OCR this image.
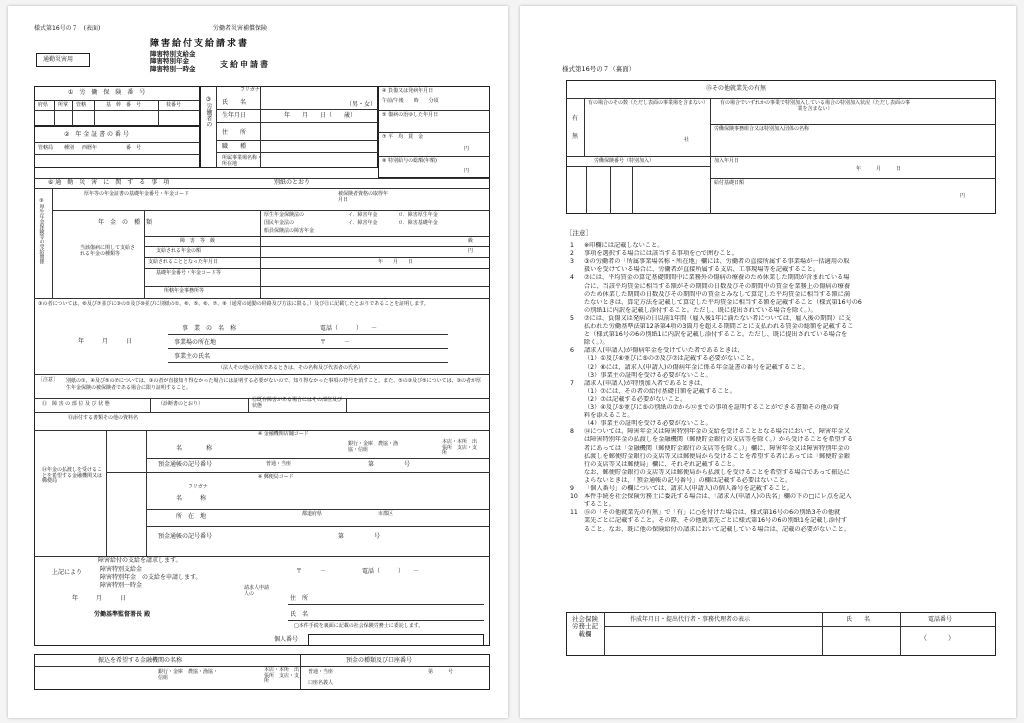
様式第16号の７　(表面)
通勤災害用
労働者災害補償保険
障害給付支給請求書
障害特別支給金
障害特別年金
障害特別一時金	支給申請書
①　労　働　保　険　番　号
府県 所掌 管轄	基　幹　番　号	枝番号
②　年 金 証 書 の 番 号
管轄局 種別 西暦年	番　号
③労働者の
フリガナ
氏　　名	（男・女）
生年月日	年　　月　　日（　　歳）
住　　所
職　　種
所属事業場名称・所在地
④ 負傷又は発病年月日
午前/午後　　時　　分頃
⑤ 傷病の治ゆした年月日
⑦ 平　均　賃　金
円
⑧ 特別給与の総額(年額)
円
⑥ 通　勤　災　害　に　関　す　る　事　項	別紙のとおり
⑨厚生年金保険等の受給関係
厚年等の年金証書の基礎年金番号・年金コード	被保険者資格の取得年月日
年　金　の　種　類
厚生年金保険法の	イ．障害年金	ロ．障害厚生年金
国民年金法の	イ．障害年金	ロ．障害基礎年金
船員保険法の障害年金
当該傷病に関して支給される年金の種類等
障　害　等　級	級
支給される年金の額	円
支給されることとなった年月日	年　　月　　日
基礎年金番号・年金コード等
所轄年金事務所等
③の者については、⑥及び⑦並びに③の①及び⑩並びに別紙の①、⑥、⑤、⑥、⑦、⑧（通常の通勤の経路及び方法に限る。）及び⑫に記載したとおりであることを証明します。
年　　　月　　　日
事　業　の　名　称	電話（　　　）　　－
事業場の所在地	〒　　　－
事業主の氏名
（法人その他の団体であるときは、その名称及び代表者の氏名）
［注意］ 別紙の①、④及び⑤の⑦については、③の者が直接知り得なかった場合には証明する必要がないので、知り得なかった事項の符号を消すこと。また、⑤の③及び⑤については、③の者が厚生年金保険の被保険者である場合に限り証明すること。
⑪　障 害 の 部 位 及 び 状 態	（診断書のとおり）
⑫既存障害がある場合にはその部位及び状態
⑬添付する書類その他の資料名
⑭年金の払渡しを受けることを希望する金融機関又は郵便局
※ 金融機関店舗コード
名　　　　称
銀行・金庫　農協・漁協・信組
本店・本所　出張所　支店・支所
預金通帳の記号番号	普通・当座	第　　　　　号
※ 郵便局コード
フリガナ
名　　　称
所　在　地	都道府県	市郡区
預金通帳の記号番号	第　　　　　号
障害給付の支給を請求します。
上記により	障害特別支給金
障害特別年金　の支給を申請します。
障害特別一時金
〒　　　－	電話（　　　）　　－
年　　　月　　　日
請求人申請人の
住　所
労働基準監督署長 殿	氏　名
□本件手続を裏面に記載の社会保険労務士に委託します。
個人番号
振込を希望する金融機関の名称	預金の種類及び口座番号
銀行・金庫　農協・漁協・信組
本店・本所　出張所　支店・支所
普通・当座	第　　　号
口座名義人
様式第16号の７（裏面）
⑮その他就業先の有無
有
無
有の場合のその数（ただし表面の事業場を含まない）
社
有の場合でいずれかの事業で特別加入している場合の特別加入状況（ただし表面の事業を含まない）
労働保険事務組合又は特別加入団体の名称
労働保険番号（特別加入）	加入年月日
年　　　月　　　日
給付基礎日額
円
［注意］
社会保険労務士記載欄
作成年月日・提出代行者・事務代理者の表示	氏　　名	電話番号
（　　　）
1 ※印欄には記載しないこと。
2 事項を選択する場合には該当する事項を○で囲むこと。
3 ③の労働者の「所属事業場名称・所在地」欄には、労働者の直接所属する事業場が一括適用の取
扱いを受けている場合に、労働者が直接所属する支店、工事現場等を記載すること。
4 ⑦には、平均賃金の算定基礎期間中に業務外の傷病の療養のため休業した期間が含まれている場
合に、当該平均賃金に相当する額がその期間の日数及びその期間中の賃金を業務上の傷病の療養
のため休業した期間の日数及びその期間中の賃金とみなして算定した平均賃金に相当する額に満
たないときは、算定方法を記載して算定した平均賃金に相当する額を記載すること（様式第16号の6
の別紙1に内訳を記載し添付すること。ただし、既に提出されている場合を除く。）。
5 ⑦には、負傷又は発病の日以前1年間（雇入後1年に満たない者については、雇入後の期間）に支
払われた労働基準法第12条第4項の3箇月を超える期間ごとに支払われる賃金の総額を記載するこ
と（様式第16号の6の別紙1に内訳を記載し添付すること。ただし、既に提出されている場合を
除く。）。
6 請求人(申請人)が傷病年金を受けていた者であるときは、
（1）①及び⑥並びに⑤の⑦及び⑦は記載する必要がないこと。
（2）⑥には、請求人(申請人)の傷病年金に係る年金証書の番号を記載すること。
（3）事業主の証明を受ける必要がないこと。
7 請求人(申請人)が特別加入者であるときは、
（1）⑦には、その者の給付基礎日額を記載すること。
（2）⑦は記載する必要がないこと。
（3）④及び⑤並びに⑤の別紙の⑦から⑫までの事項を証明することができる書類その他の資
料を添えること。
（4）事業主の証明を受ける必要がないこと。
8 ⑭については、障害年金又は障害特別年金の支給を受けることとなる場合において、障害年金又
は障害特別年金の払渡しを金融機関（郵便貯金銀行の支店等を除く。）から受けることを希望する
者にあっては「金融機関（郵便貯金銀行の支店等を除く。）」欄に、障害年金又は障害特別年金の
払渡しを郵便貯金銀行の支店等又は郵便局から受けることを希望する者にあっては「郵便貯金銀
行の支店等又は郵便局」欄に、それぞれ記載すること。
なお、郵便貯金銀行の支店等又は郵便局から払渡しを受けることを希望する場合であって振込に
よらないときは、「預金通帳の記号番号」の欄は記載する必要はないこと。
9 「個人番号」の欄については、請求人(申請人)の個人番号を記載すること。
10 本件手続を社会保険労務士に委託する場合は、「請求人(申請人)の氏名」欄の下の□にレ点を記入
すること。
11 ⑮の「その他就業先の有無」で「有」に○を付けた場合は、様式第16号の6の別紙3その他就
業先ごとに記載すること。その際、その他就業先ごとに様式第16号の6の別紙1を記載し添付す
ること。なお、既に他の保険給付の請求において記載している場合は、記載の必要がないこと。
